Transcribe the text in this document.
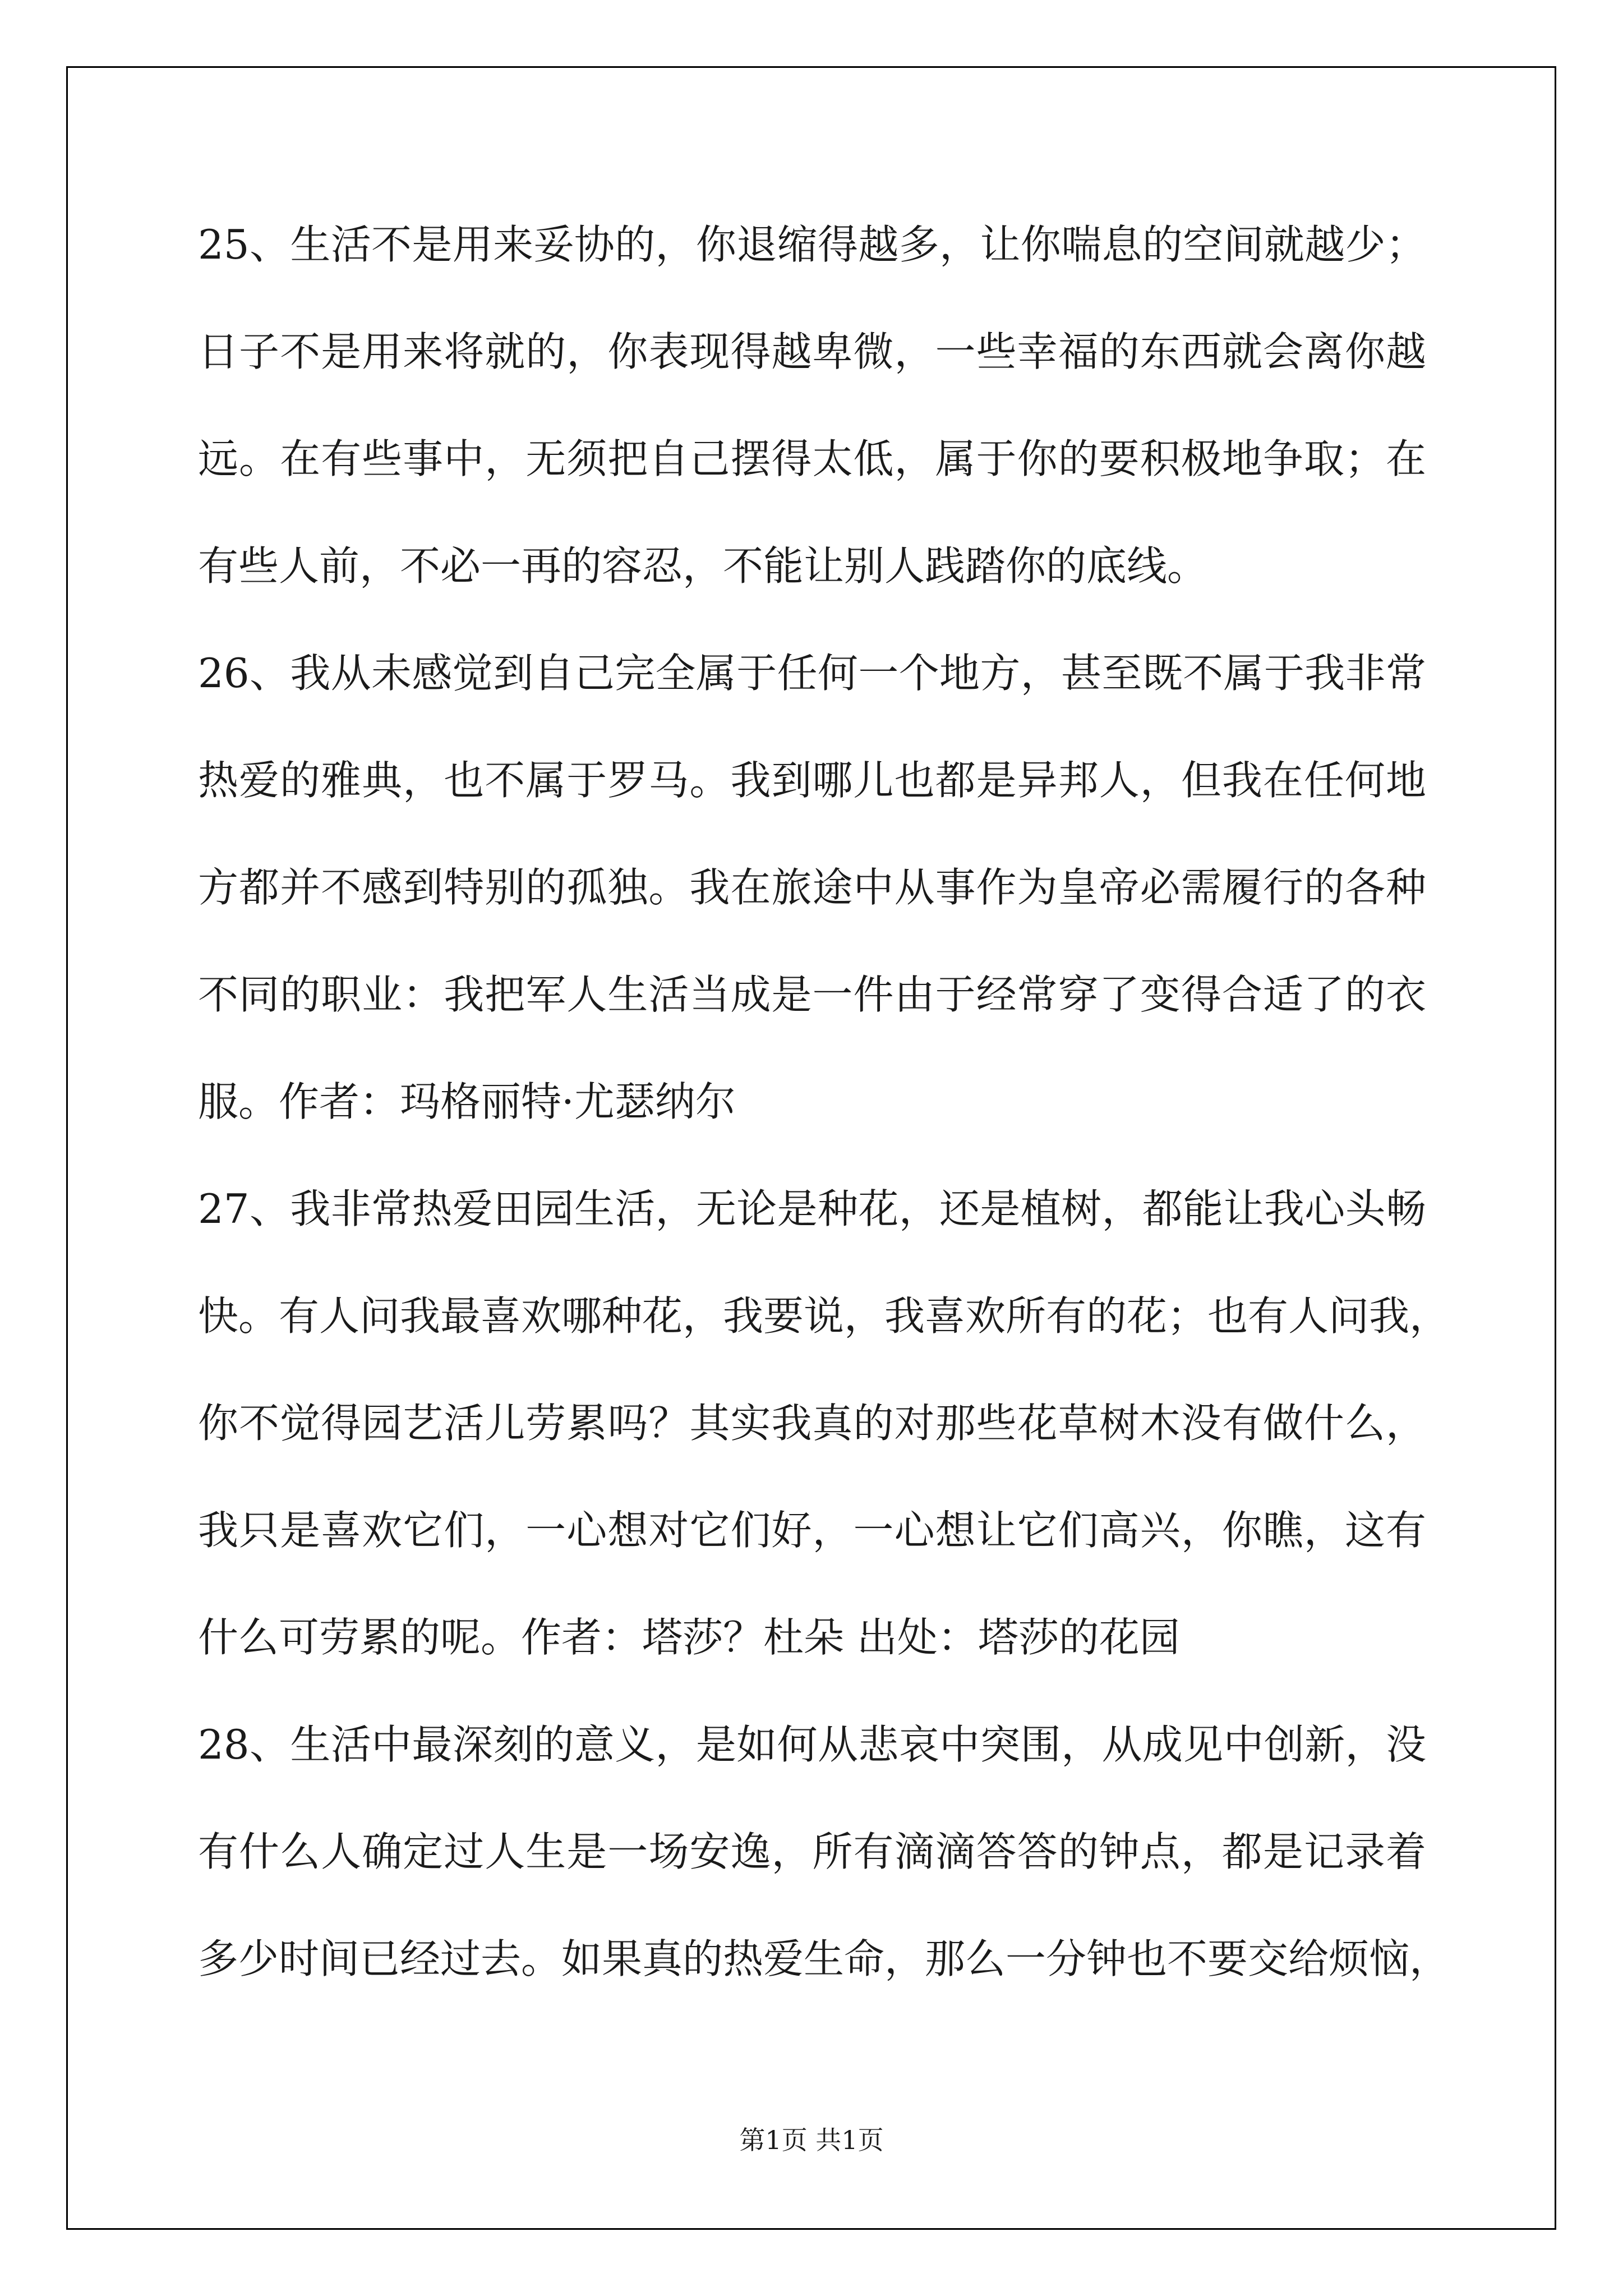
25、生活不是用来妥协的，你退缩得越多，让你喘息的空间就越少；
日子不是用来将就的，你表现得越卑微，一些幸福的东西就会离你越
远。在有些事中，无须把自己摆得太低，属于你的要积极地争取；在
有些人前，不必一再的容忍，不能让别人践踏你的底线。
26、我从未感觉到自己完全属于任何一个地方，甚至既不属于我非常
热爱的雅典，也不属于罗马。我到哪儿也都是异邦人，但我在任何地
方都并不感到特别的孤独。我在旅途中从事作为皇帝必需履行的各种
不同的职业：我把军人生活当成是一件由于经常穿了变得合适了的衣
服。作者：玛格丽特·尤瑟纳尔
27、我非常热爱田园生活，无论是种花，还是植树，都能让我心头畅
快。有人问我最喜欢哪种花，我要说，我喜欢所有的花；也有人问我，
你不觉得园艺活儿劳累吗？其实我真的对那些花草树木没有做什么，
我只是喜欢它们，一心想对它们好，一心想让它们高兴，你瞧，这有
什么可劳累的呢。作者：塔莎？杜朵 出处：塔莎的花园
28、生活中最深刻的意义，是如何从悲哀中突围，从成见中创新，没
有什么人确定过人生是一场安逸，所有滴滴答答的钟点，都是记录着
多少时间已经过去。如果真的热爱生命，那么一分钟也不要交给烦恼，
第1页 共1页
